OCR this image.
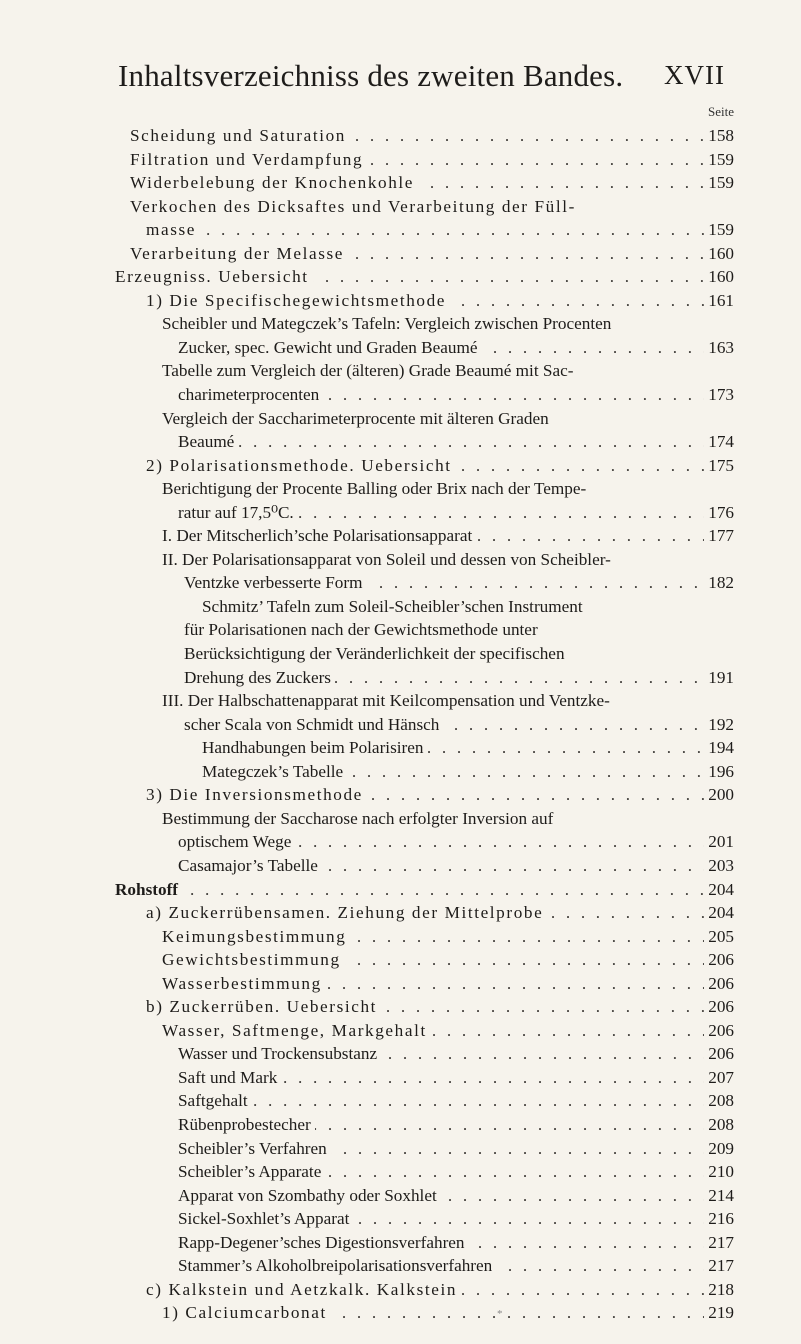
Inhaltsverzeichniss des zweiten Bandes. XVII
Seite
. . .
Scheidung und Saturation	158
. . .
Filtration und Verdampfung	159
. . .
Widerbelebung der Knochenkohle	159
Verkochen des Dicksaftes und Verarbeitung der Füll-
. . .
masse	159
. . .
Verarbeitung der Melasse	160
. . .
Erzeugniss. Uebersicht	160
. . .
1) Die Specifischegewichtsmethode	161
Scheibler und Mategczek’s Tafeln: Vergleich zwischen Procenten
. . .
Zucker, spec. Gewicht und Graden Beaumé	163
Tabelle zum Vergleich der (älteren) Grade Beaumé mit Sac-
. . .
charimeterprocenten	173
Vergleich der Saccharimeterprocente mit älteren Graden
. . .
Beaumé	174
. . .
2) Polarisationsmethode. Uebersicht	175
Berichtigung der Procente Balling oder Brix nach der Tempe-
. . .
ratur auf 17,5⁰C.	176
. . .
I. Der Mitscherlich’sche Polarisationsapparat	177
II. Der Polarisationsapparat von Soleil und dessen von Scheibler-
. . .
Ventzke verbesserte Form	182
Schmitz’ Tafeln zum Soleil-Scheibler’schen Instrument
für Polarisationen nach der Gewichtsmethode unter
Berücksichtigung der Veränderlichkeit der specifischen
. . .
Drehung des Zuckers	191
III. Der Halbschattenapparat mit Keilcompensation und Ventzke-
. . .
scher Scala von Schmidt und Hänsch	192
. . .
Handhabungen beim Polarisiren	194
. . .
Mategczek’s Tabelle	196
. . .
3) Die Inversionsmethode	200
Bestimmung der Saccharose nach erfolgter Inversion auf
. . .
optischem Wege	201
. . .
Casamajor’s Tabelle	203
. . .
Rohstoff	204
. . .
a) Zuckerrübensamen. Ziehung der Mittelprobe	204
. . .
Keimungsbestimmung	205
. . .
Gewichtsbestimmung	206
. . .
Wasserbestimmung	206
. . .
b) Zuckerrüben. Uebersicht	206
. . .
Wasser, Saftmenge, Markgehalt	206
. . .
Wasser und Trockensubstanz	206
. . .
Saft und Mark	207
. . .
Saftgehalt	208
. . .
Rübenprobestecher	208
. . .
Scheibler’s Verfahren	209
. . .
Scheibler’s Apparate	210
. . .
Apparat von Szombathy oder Soxhlet	214
. . .
Sickel-Soxhlet’s Apparat	216
. . .
Rapp-Degener’sches Digestionsverfahren	217
. . .
Stammer’s Alkoholbreipolarisationsverfahren	217
. . .
c) Kalkstein und Aetzkalk. Kalkstein	218
. . .
1) Calciumcarbonat	219
*
